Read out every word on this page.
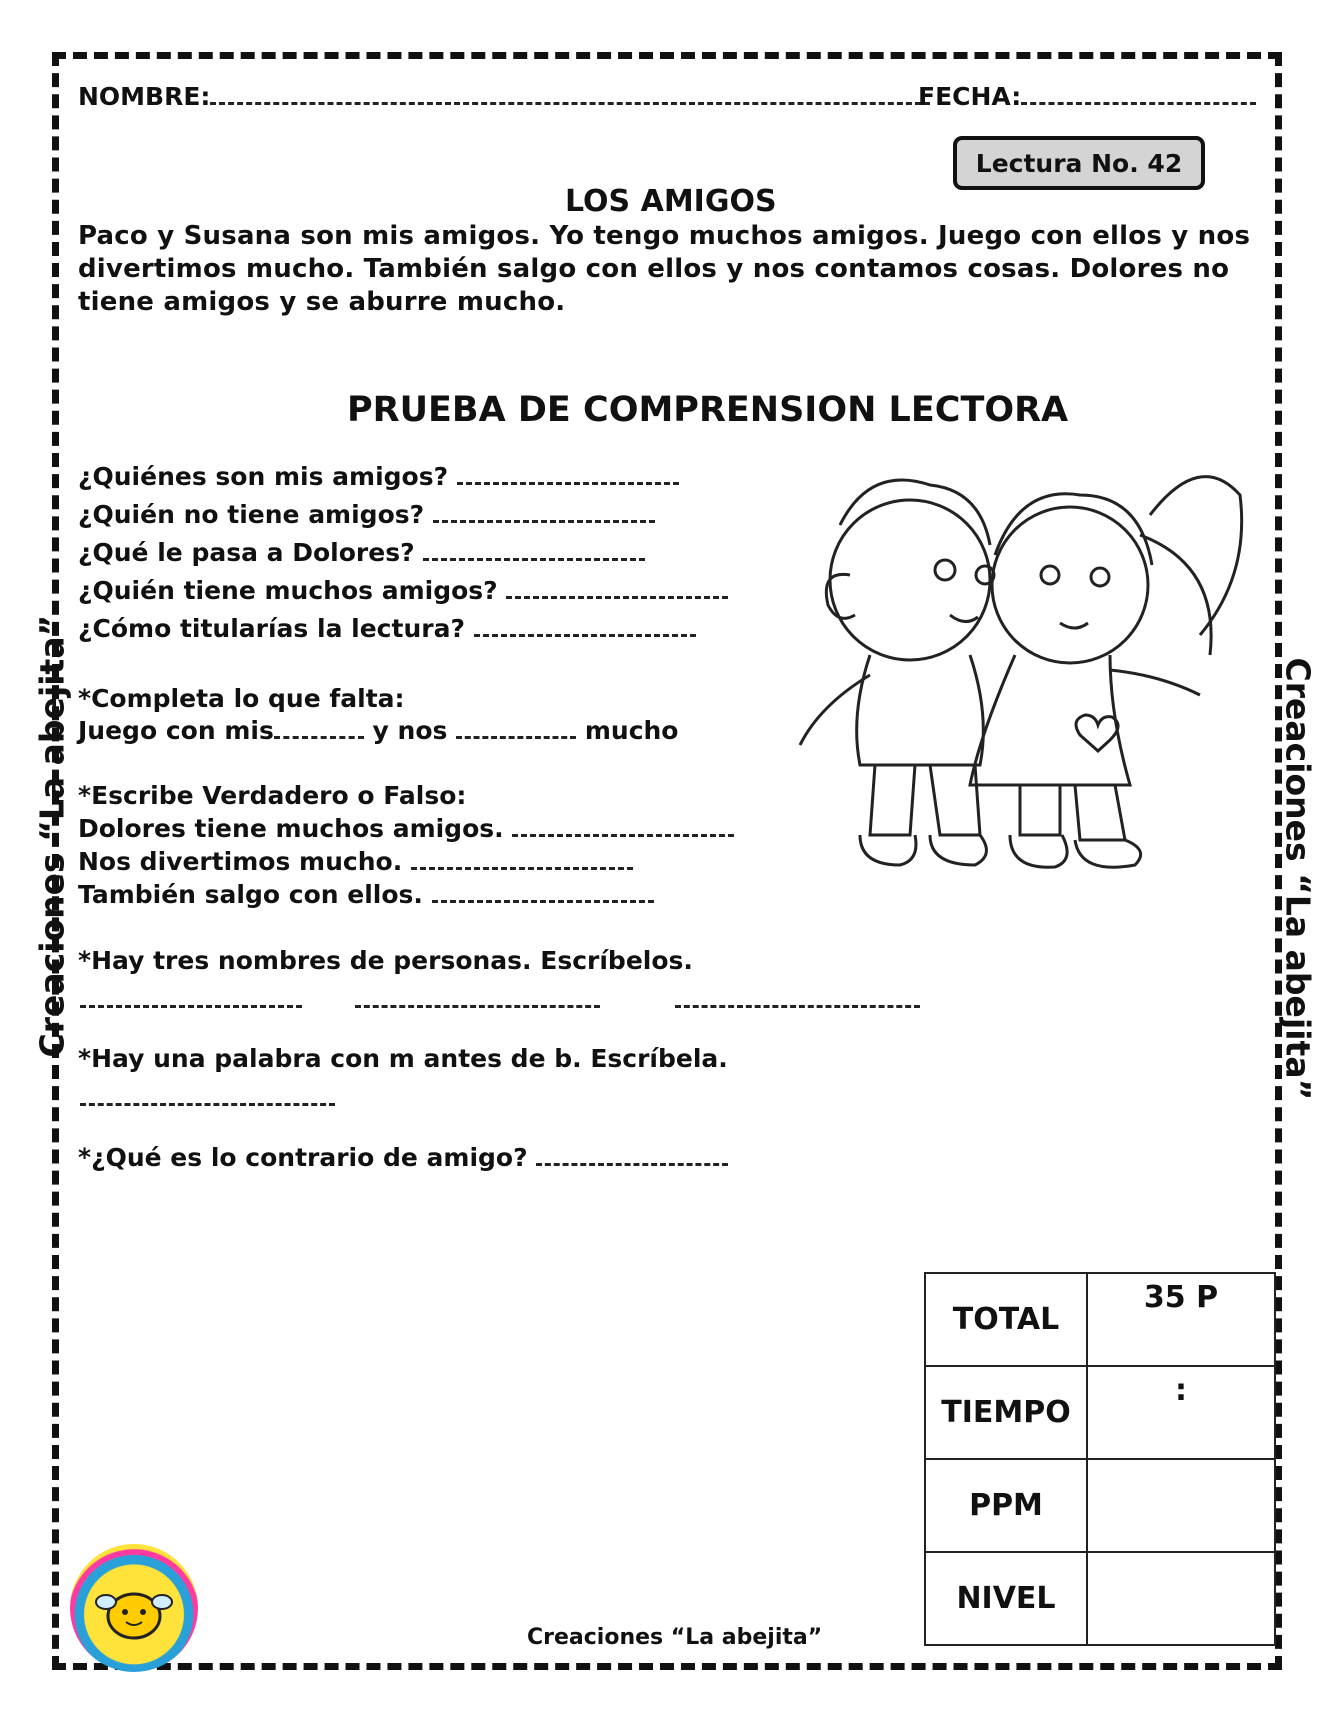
NOMBRE:	FECHA:
Lectura No. 42
LOS AMIGOS
Paco y Susana son mis amigos. Yo tengo muchos amigos. Juego con ellos y nos divertimos mucho. También salgo con ellos y nos contamos cosas. Dolores no tiene amigos y se aburre mucho.
PRUEBA DE COMPRENSION LECTORA
¿Quiénes son mis amigos?
¿Quién no tiene amigos?
¿Qué le pasa a Dolores?
¿Quién tiene muchos amigos?
¿Cómo titularías la lectura?
*Completa lo que falta:
Juego con mis	y nos	mucho
*Escribe Verdadero o Falso:
Dolores tiene muchos amigos.
Nos divertimos mucho.
También salgo con ellos.
*Hay tres nombres de personas. Escríbelos.
*Hay una palabra con m antes de b. Escríbela.
*¿Qué es lo contrario de amigo?
Creaciones “La abejita”	Creaciones “La abejita”
TOTAL	35 P
TIEMPO	:
PPM	
NIVEL	
Creaciones “La abejita”
